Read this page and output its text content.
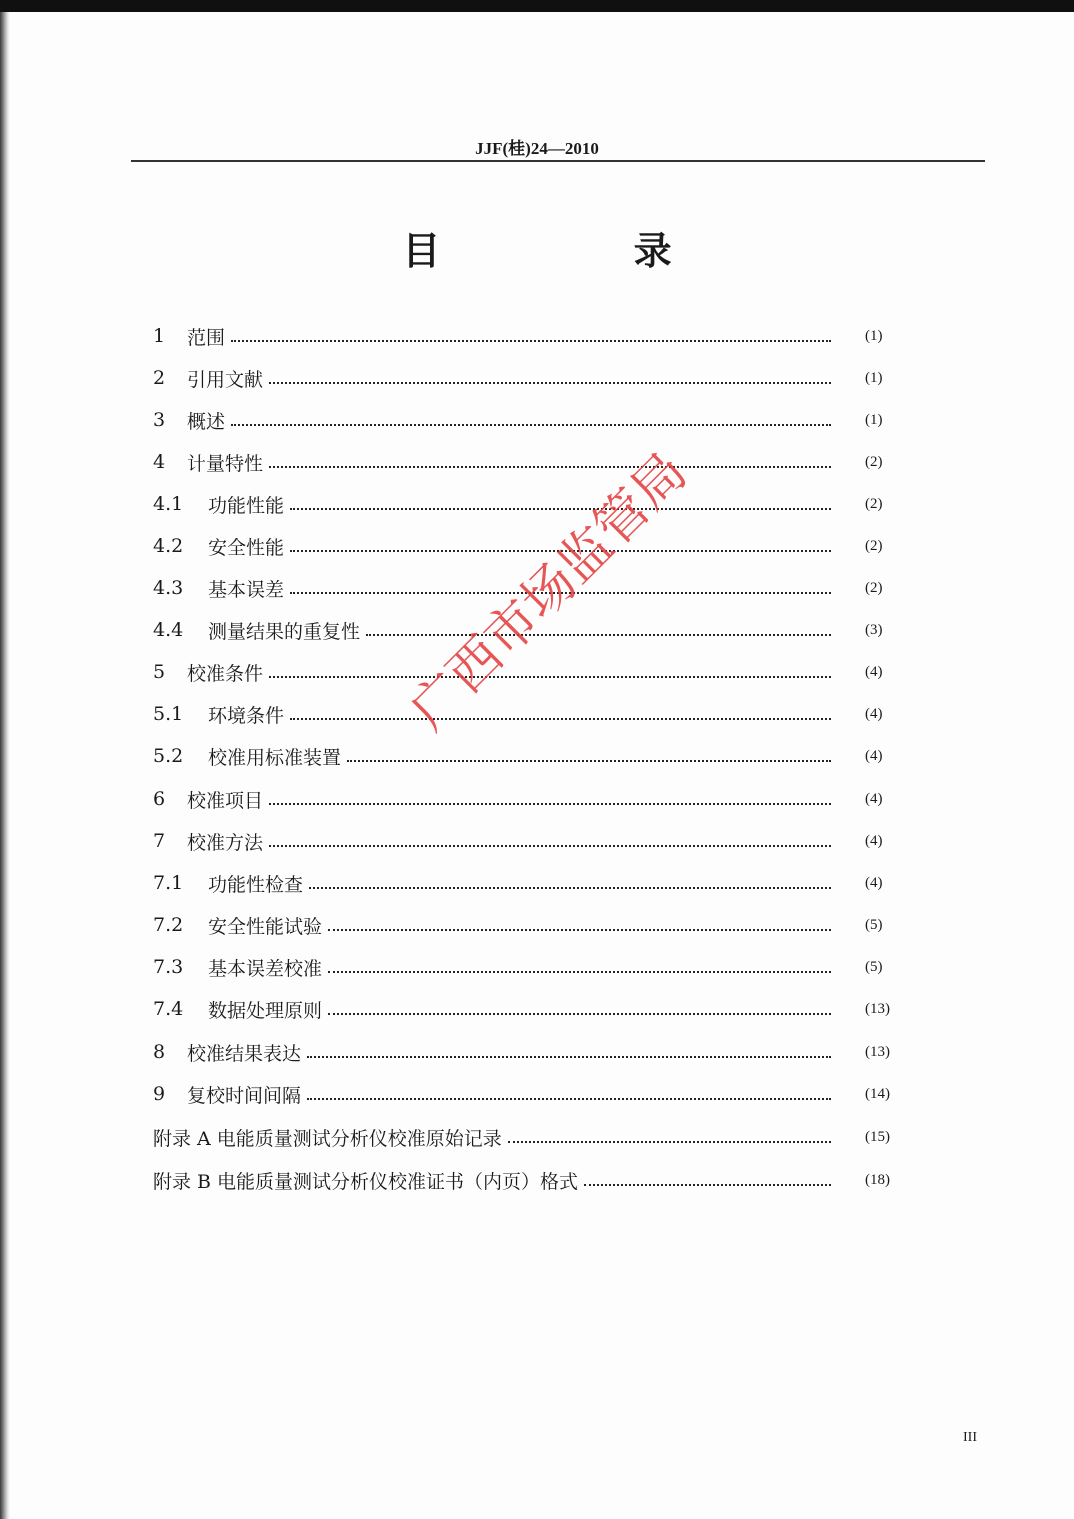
JJF(桂)24—2010
目 录
1	范围	(1)
2	引用文献	(1)
3	概述	(1)
4	计量特性	(2)
4.1	功能性能	(2)
4.2	安全性能	(2)
4.3	基本误差	(2)
4.4	测量结果的重复性	(3)
5	校准条件	(4)
5.1	环境条件	(4)
5.2	校准用标准装置	(4)
6	校准项目	(4)
7	校准方法	(4)
7.1	功能性检查	(4)
7.2	安全性能试验	(5)
7.3	基本误差校准	(5)
7.4	数据处理原则	(13)
8	校准结果表达	(13)
9	复校时间间隔	(14)
附录 A 电能质量测试分析仪校准原始记录	(15)
附录 B 电能质量测试分析仪校准证书（内页）格式	(18)
广西市场监管局
III
